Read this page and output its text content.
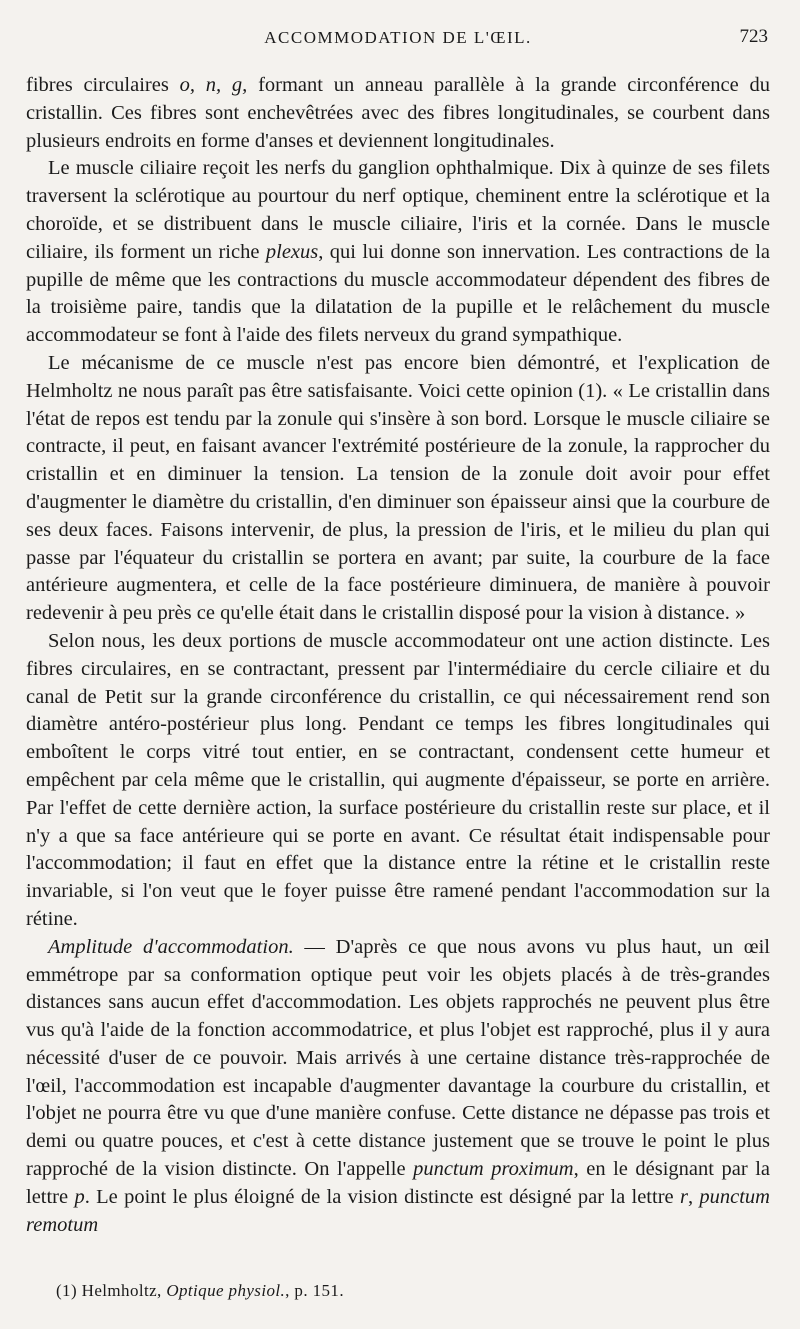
ACCOMMODATION DE L'ŒIL.	723

fibres circulaires o, n, g, formant un anneau parallèle à la grande circonférence du cristallin. Ces fibres sont enchevêtrées avec des fibres longitudinales, se courbent dans plusieurs endroits en forme d'anses et deviennent longitudinales.

Le muscle ciliaire reçoit les nerfs du ganglion ophthalmique. Dix à quinze de ses filets traversent la sclérotique au pourtour du nerf optique, cheminent entre la sclérotique et la choroïde, et se distribuent dans le muscle ciliaire, l'iris et la cornée. Dans le muscle ciliaire, ils forment un riche plexus, qui lui donne son innervation. Les contractions de la pupille de même que les contractions du muscle accommodateur dépendent des fibres de la troisième paire, tandis que la dilatation de la pupille et le relâchement du muscle accommodateur se font à l'aide des filets nerveux du grand sympathique.

Le mécanisme de ce muscle n'est pas encore bien démontré, et l'explication de Helmholtz ne nous paraît pas être satisfaisante. Voici cette opinion (1). « Le cristallin dans l'état de repos est tendu par la zonule qui s'insère à son bord. Lorsque le muscle ciliaire se contracte, il peut, en faisant avancer l'extrémité postérieure de la zonule, la rapprocher du cristallin et en diminuer la tension. La tension de la zonule doit avoir pour effet d'augmenter le diamètre du cristallin, d'en diminuer son épaisseur ainsi que la courbure de ses deux faces. Faisons intervenir, de plus, la pression de l'iris, et le milieu du plan qui passe par l'équateur du cristallin se portera en avant; par suite, la courbure de la face antérieure augmentera, et celle de la face postérieure diminuera, de manière à pouvoir redevenir à peu près ce qu'elle était dans le cristallin disposé pour la vision à distance. »

Selon nous, les deux portions de muscle accommodateur ont une action distincte. Les fibres circulaires, en se contractant, pressent par l'intermédiaire du cercle ciliaire et du canal de Petit sur la grande circonférence du cristallin, ce qui nécessairement rend son diamètre antéro-postérieur plus long. Pendant ce temps les fibres longitudinales qui emboîtent le corps vitré tout entier, en se contractant, condensent cette humeur et empêchent par cela même que le cristallin, qui augmente d'épaisseur, se porte en arrière. Par l'effet de cette dernière action, la surface postérieure du cristallin reste sur place, et il n'y a que sa face antérieure qui se porte en avant. Ce résultat était indispensable pour l'accommodation; il faut en effet que la distance entre la rétine et le cristallin reste invariable, si l'on veut que le foyer puisse être ramené pendant l'accommodation sur la rétine.

Amplitude d'accommodation. — D'après ce que nous avons vu plus haut, un œil emmétrope par sa conformation optique peut voir les objets placés à de très-grandes distances sans aucun effet d'accommodation. Les objets rapprochés ne peuvent plus être vus qu'à l'aide de la fonction accommodatrice, et plus l'objet est rapproché, plus il y aura nécessité d'user de ce pouvoir. Mais arrivés à une certaine distance très-rapprochée de l'œil, l'accommodation est incapable d'augmenter davantage la courbure du cristallin, et l'objet ne pourra être vu que d'une manière confuse. Cette distance ne dépasse pas trois et demi ou quatre pouces, et c'est à cette distance justement que se trouve le point le plus rapproché de la vision distincte. On l'appelle punctum proximum, en le désignant par la lettre p. Le point le plus éloigné de la vision distincte est désigné par la lettre r, punctum remotum

(1) Helmholtz, Optique physiol., p. 151.
